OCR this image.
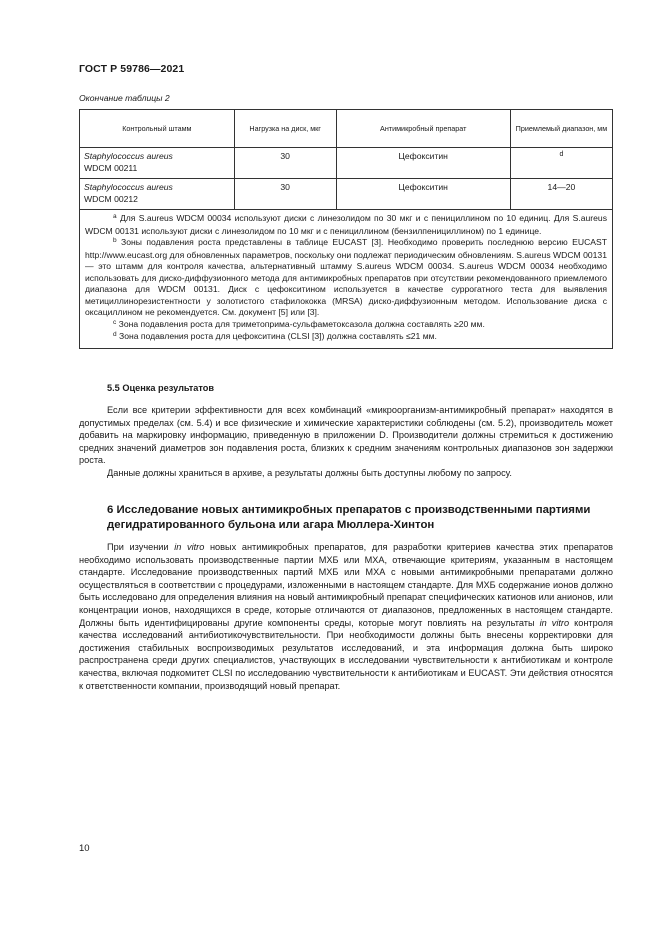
ГОСТ Р 59786—2021
Окончание таблицы 2
Контрольный штамм	Нагрузка на диск, мкг	Антимикробный препарат	Приемлемый диапазон, мм
Staphylococcus aureus
WDCM 00211	30	Цефокситин	$^d$
Staphylococcus aureus
WDCM 00212	30	Цефокситин	14—20

$^a$ Для S.aureus WDCM 00034 используют диски с линезолидом по 30 мкг и с пенициллином по 10 единиц. Для S.aureus WDCM 00131 используют диски с линезолидом по 10 мкг и с пенициллином (бензилпенициллином) по 1 единице.

$^b$ Зоны подавления роста представлены в таблице EUCAST [3]. Необходимо проверить последнюю версию EUCAST http://www.eucast.org для обновленных параметров, поскольку они подлежат периодическим обновлениям. S.aureus WDCM 00131 — это штамм для контроля качества, альтернативный штамму S.aureus WDCM 00034. S.aureus WDCM 00034 необходимо использовать для диско-диффузионного метода для антимикробных препаратов при отсутствии рекомендованного приемлемого диапазона для WDCM 00131. Диск с цефокситином используется в качестве суррогатного теста для выявления метициллинорезистентности у золотистого стафилококка (MRSA) диско-диффузионным методом. Использование диска с оксациллином не рекомендуется. См. документ [5] или [3].

$^c$ Зона подавления роста для триметоприма-сульфаметоксазола должна составлять ≥20 мм.

$^d$ Зона подавления роста для цефокситина (CLSI [3]) должна составлять ≤21 мм.			

5.5 Оценка результатов

Если все критерии эффективности для всех комбинаций «микроорганизм-антимикробный препарат» находятся в допустимых пределах (см. 5.4) и все физические и химические характеристики соблюдены (см. 5.2), производитель может добавить на маркировку информацию, приведенную в приложении D. Производители должны стремиться к достижению средних значений диаметров зон подавления роста, близких к средним значениям контрольных диапазонов зон задержки роста.

Данные должны храниться в архиве, а результаты должны быть доступны любому по запросу.

6 Исследование новых антимикробных препаратов с производственными партиями дегидратированного бульона или агара Мюллера-Хинтон

При изучении in vitro новых антимикробных препаратов, для разработки критериев качества этих препаратов необходимо использовать производственные партии МХБ или МХА, отвечающие критериям, указанным в настоящем стандарте. Исследование производственных партий МХБ или МХА с новыми антимикробными препаратами должно осуществляться в соответствии с процедурами, изложенными в настоящем стандарте. Для МХБ содержание ионов должно быть исследовано для определения влияния на новый антимикробный препарат специфических катионов или анионов, или концентрации ионов, находящихся в среде, которые отличаются от диапазонов, предложенных в настоящем стандарте. Должны быть идентифицированы другие компоненты среды, которые могут повлиять на результаты in vitro контроля качества исследований антибиотикочувствительности. При необходимости должны быть внесены корректировки для достижения стабильных воспроизводимых результатов исследований, и эта информация должна быть широко распространена среди других специалистов, участвующих в исследовании чувствительности к антибиотикам и контроле качества, включая подкомитет CLSI по исследованию чувствительности к антибиотикам и EUCAST. Эти действия относятся к ответственности компании, производящий новый препарат.

10
